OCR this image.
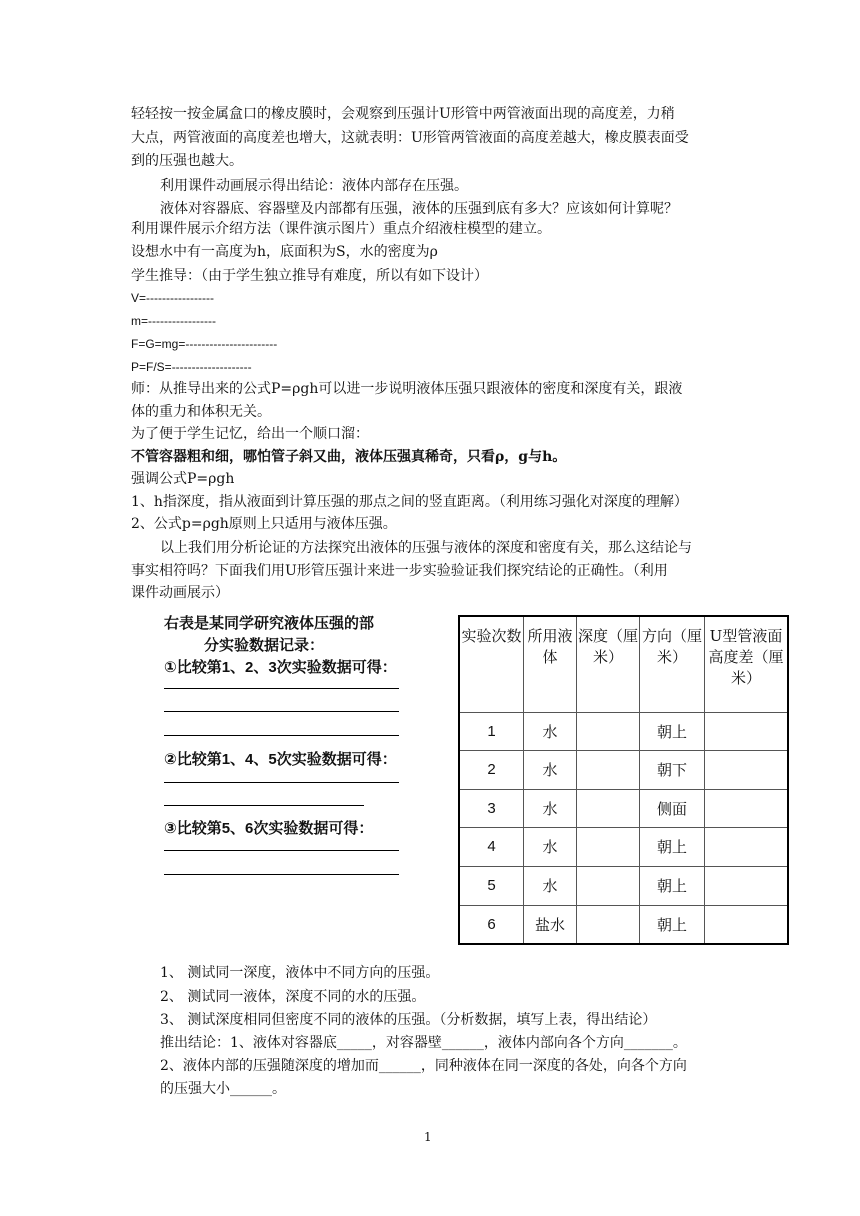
轻轻按一按金属盒口的橡皮膜时，会观察到压强计U形管中两管液面出现的高度差，力稍
大点，两管液面的高度差也增大，这就表明：U形管两管液面的高度差越大，橡皮膜表面受
到的压强也越大。
利用课件动画展示得出结论：液体内部存在压强。
液体对容器底、容器壁及内部都有压强，液体的压强到底有多大？应该如何计算呢？
利用课件展示介绍方法（课件演示图片）重点介绍液柱模型的建立。
设想水中有一高度为h，底面积为S，水的密度为ρ
学生推导：（由于学生独立推导有难度，所以有如下设计）
V=-----------------
m=-----------------
F=G=mg=-----------------------
P=F/S=--------------------
师：从推导出来的公式P=ρgh可以进一步说明液体压强只跟液体的密度和深度有关，跟液
体的重力和体积无关。
为了便于学生记忆，给出一个顺口溜：
不管容器粗和细，哪怕管子斜又曲，液体压强真稀奇，只看ρ，g与h。
强调公式P=ρgh
1、h指深度，指从液面到计算压强的那点之间的竖直距离。（利用练习强化对深度的理解）
2、公式p=ρgh原则上只适用与液体压强。
以上我们用分析论证的方法探究出液体的压强与液体的深度和密度有关，那么这结论与
事实相符吗？下面我们用U形管压强计来进一步实验验证我们探究结论的正确性。（利用
课件动画展示）
右表是某同学研究液体压强的部
分实验数据记录：
①比较第1、2、3次实验数据可得：
②比较第1、4、5次实验数据可得：
③比较第5、6次实验数据可得：
实验次数	所用液体	深度（厘米）	方向（厘米）	U型管液面高度差（厘米）
1	水		朝上	
2	水		朝下	
3	水		侧面	
4	水		朝上	
5	水		朝上	
6	盐水		朝上	
1、 测试同一深度，液体中不同方向的压强。
2、 测试同一液体，深度不同的水的压强。
3、 测试深度相同但密度不同的液体的压强。（分析数据，填写上表，得出结论）
推出结论：1、液体对容器底_____，对容器壁______，液体内部向各个方向_______。
2、液体内部的压强随深度的增加而______，同种液体在同一深度的各处，向各个方向
的压强大小______。
1
